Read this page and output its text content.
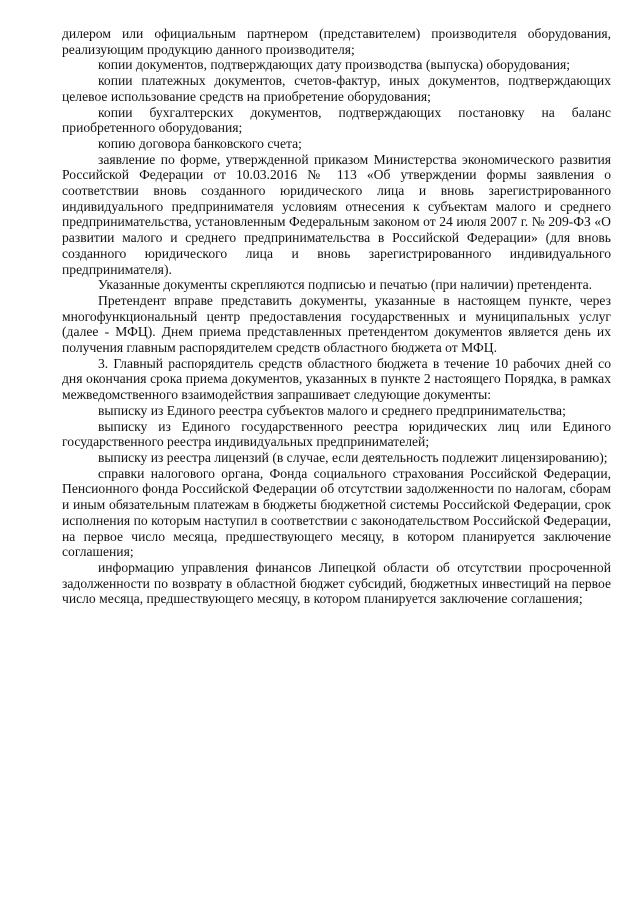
дилером или официальным партнером (представителем) производителя оборудования, реализующим продукцию данного производителя;

копии документов, подтверждающих дату производства (выпуска) оборудования;

копии платежных документов, счетов-фактур, иных документов, подтверждающих целевое использование средств на приобретение оборудования;

копии бухгалтерских документов, подтверждающих постановку на баланс приобретенного оборудования;

копию договора банковского счета;

заявление по форме, утвержденной приказом Министерства экономического развития Российской Федерации от 10.03.2016 № 113 «Об утверждении формы заявления о соответствии вновь созданного юридического лица и вновь зарегистрированного индивидуального предпринимателя условиям отнесения к субъектам малого и среднего предпринимательства, установленным Федеральным законом от 24 июля 2007 г. № 209-ФЗ «О развитии малого и среднего предпринимательства в Российской Федерации» (для вновь созданного юридического лица и вновь зарегистрированного индивидуального предпринимателя).

Указанные документы скрепляются подписью и печатью (при наличии) претендента.

Претендент вправе представить документы, указанные в настоящем пункте, через многофункциональный центр предоставления государственных и муниципальных услуг (далее - МФЦ). Днем приема представленных претендентом документов является день их получения главным распорядителем средств областного бюджета от МФЦ.

3. Главный распорядитель средств областного бюджета в течение 10 рабочих дней со дня окончания срока приема документов, указанных в пункте 2 настоящего Порядка, в рамках межведомственного взаимодействия запрашивает следующие документы:

выписку из Единого реестра субъектов малого и среднего предпринимательства;

выписку из Единого государственного реестра юридических лиц или Единого государственного реестра индивидуальных предпринимателей;

выписку из реестра лицензий (в случае, если деятельность подлежит лицензированию);

справки налогового органа, Фонда социального страхования Российской Федерации, Пенсионного фонда Российской Федерации об отсутствии задолженности по налогам, сборам и иным обязательным платежам в бюджеты бюджетной системы Российской Федерации, срок исполнения по которым наступил в соответствии с законодательством Российской Федерации, на первое число месяца, предшествующего месяцу, в котором планируется заключение соглашения;

информацию управления финансов Липецкой области об отсутствии просроченной задолженности по возврату в областной бюджет субсидий, бюджетных инвестиций на первое число месяца, предшествующего месяцу, в котором планируется заключение соглашения;
